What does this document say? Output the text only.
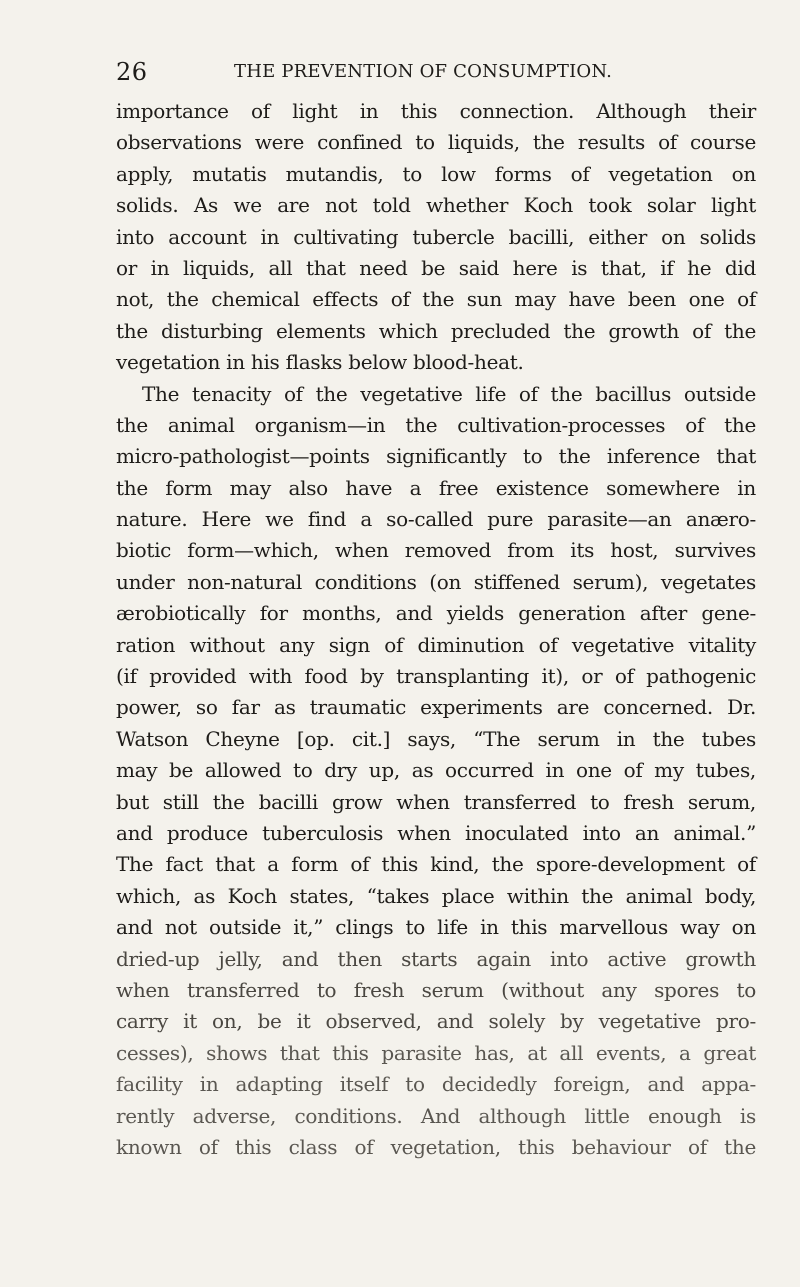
26	THE PREVENTION OF CONSUMPTION.
importance of light in this connection. Although their
observations were confined to liquids, the results of course
apply, mutatis mutandis, to low forms of vegetation on
solids. As we are not told whether Koch took solar light
into account in cultivating tubercle bacilli, either on solids
or in liquids, all that need be said here is that, if he did
not, the chemical effects of the sun may have been one of
the disturbing elements which precluded the growth of the
vegetation in his flasks below blood-heat.
The tenacity of the vegetative life of the bacillus outside
the animal organism—in the cultivation-processes of the
micro-pathologist—points significantly to the inference that
the form may also have a free existence somewhere in
nature. Here we find a so-called pure parasite—an anæro-
biotic form—which, when removed from its host, survives
under non-natural conditions (on stiffened serum), vegetates
ærobiotically for months, and yields generation after gene-
ration without any sign of diminution of vegetative vitality
(if provided with food by transplanting it), or of pathogenic
power, so far as traumatic experiments are concerned. Dr.
Watson Cheyne [op. cit.] says, “The serum in the tubes
may be allowed to dry up, as occurred in one of my tubes,
but still the bacilli grow when transferred to fresh serum,
and produce tuberculosis when inoculated into an animal.”
The fact that a form of this kind, the spore-development of
which, as Koch states, “takes place within the animal body,
and not outside it,” clings to life in this marvellous way on
dried-up jelly, and then starts again into active growth
when transferred to fresh serum (without any spores to
carry it on, be it observed, and solely by vegetative pro-
cesses), shows that this parasite has, at all events, a great
facility in adapting itself to decidedly foreign, and appa-
rently adverse, conditions. And although little enough is
known of this class of vegetation, this behaviour of the
